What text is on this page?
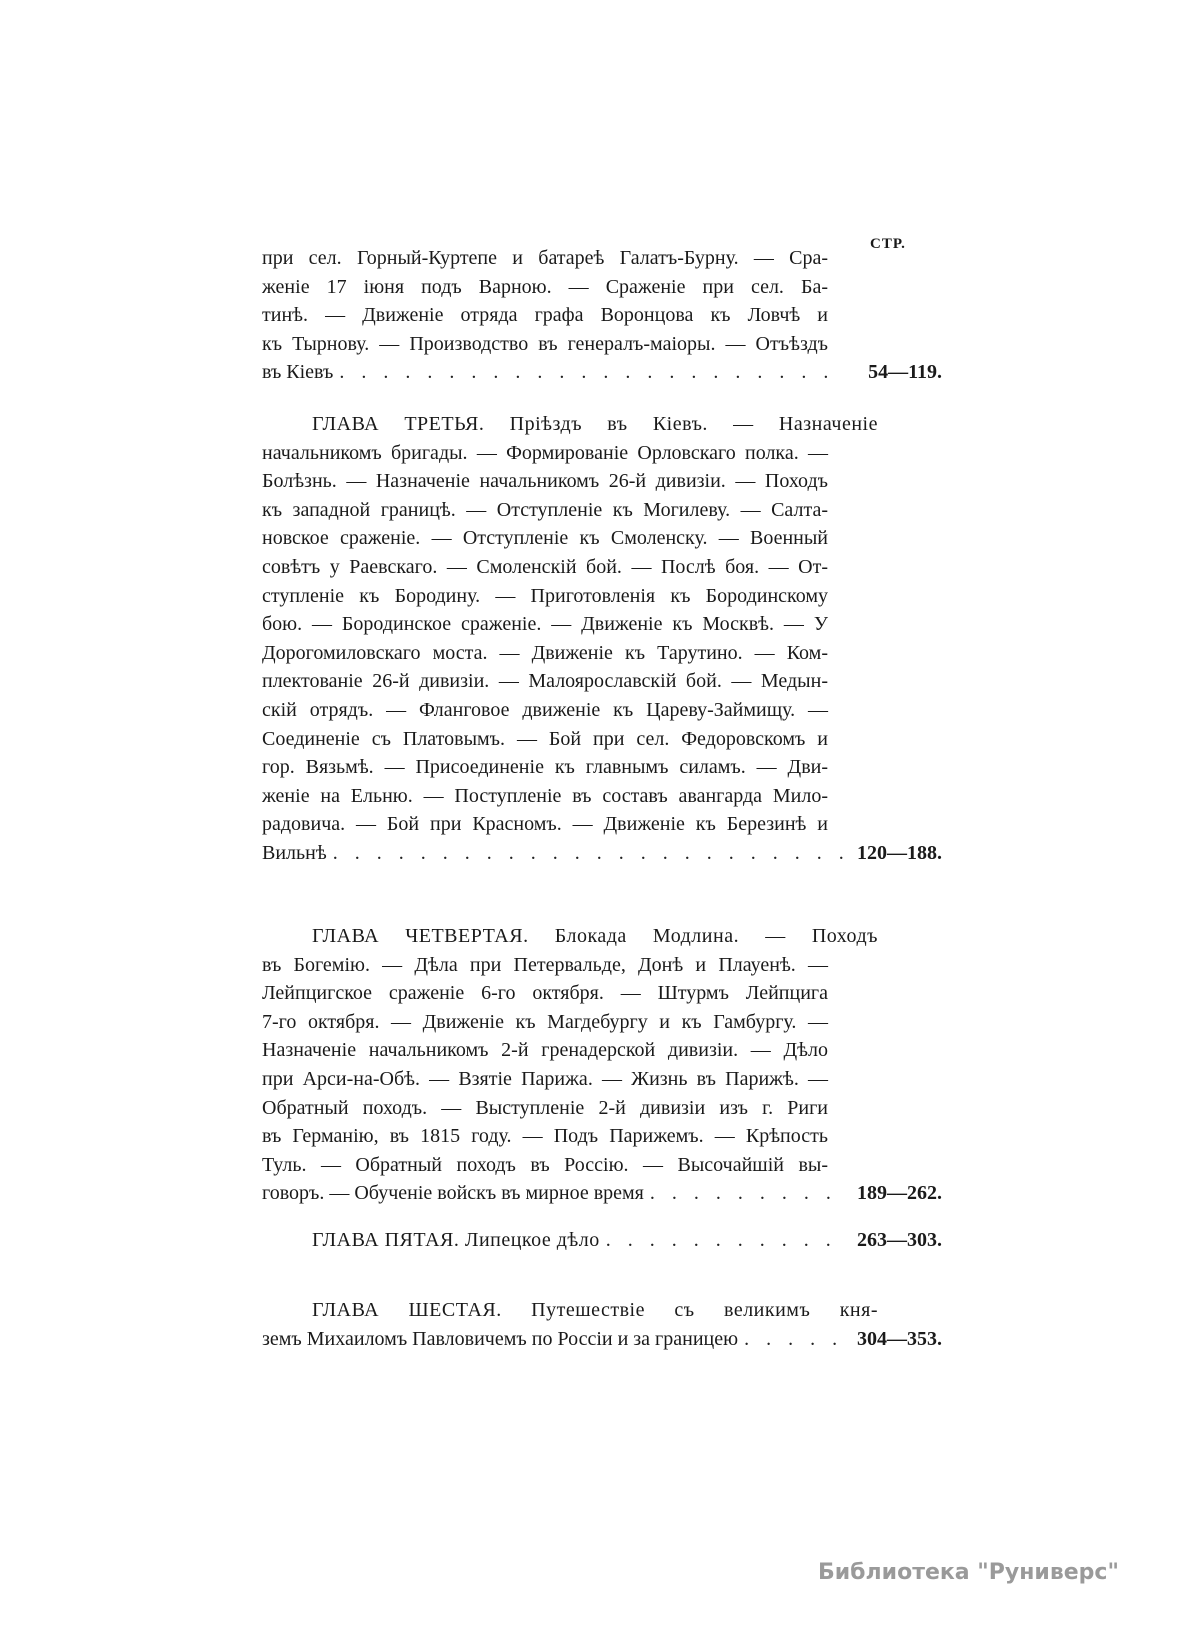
СТР.
при сел. Горный-Куртепе и батареѣ Галатъ-Бурну. — Сра-
женіе 17 іюня подъ Варною. — Сраженіе при сел. Ба-
тинѣ. — Движеніе отряда графа Воронцова къ Ловчѣ и
къ Тырнову. — Производство въ генералъ-маіоры. — Отъѣздъ
въ Кіевъ . . .	54—119.
ГЛАВА ТРЕТЬЯ. Пріѣздъ въ Кіевъ. — Назначеніе
начальникомъ бригады. — Формированіе Орловскаго полка. —
Болѣзнь. — Назначеніе начальникомъ 26-й дивизіи. — Походъ
къ западной границѣ. — Отступленіе къ Могилеву. — Салта-
новское сраженіе. — Отступленіе къ Смоленску. — Военный
совѣтъ у Раевскаго. — Смоленскій бой. — Послѣ боя. — От-
ступленіе къ Бородину. — Приготовленія къ Бородинскому
бою. — Бородинское сраженіе. — Движеніе къ Москвѣ. — У
Дорогомиловскаго моста. — Движеніе къ Тарутино. — Ком-
плектованіе 26-й дивизіи. — Малоярославскій бой. — Медын-
скій отрядъ. — Фланговое движеніе къ Цареву-Займищу. —
Соединеніе съ Платовымъ. — Бой при сел. Федоровскомъ и
гор. Вязьмѣ. — Присоединеніе къ главнымъ силамъ. — Дви-
женіе на Ельню. — Поступленіе въ составъ авангарда Мило-
радовича. — Бой при Красномъ. — Движеніе къ Березинѣ и
Вильнѣ . . .	120—188.
ГЛАВА ЧЕТВЕРТАЯ. Блокада Модлина. — Походъ
въ Богемію. — Дѣла при Петервальде, Донѣ и Плауенѣ. —
Лейпцигское сраженіе 6-го октября. — Штурмъ Лейпцига
7-го октября. — Движеніе къ Магдебургу и къ Гамбургу. —
Назначеніе начальникомъ 2-й гренадерской дивизіи. — Дѣло
при Арси-на-Обѣ. — Взятіе Парижа. — Жизнь въ Парижѣ. —
Обратный походъ. — Выступленіе 2-й дивизіи изъ г. Риги
въ Германію, въ 1815 году. — Подъ Парижемъ. — Крѣпость
Туль. — Обратный походъ въ Россію. — Высочайшій вы-
говоръ. — Обученіе войскъ въ мирное время . . .	189—262.
ГЛАВА ПЯТАЯ. Липецкое дѣло . . .	263—303.
ГЛАВА ШЕСТАЯ. Путешествіе съ великимъ кня-
земъ Михаиломъ Павловичемъ по Россіи и за границею . . .	304—353.
Библиотека "Руниверс"
